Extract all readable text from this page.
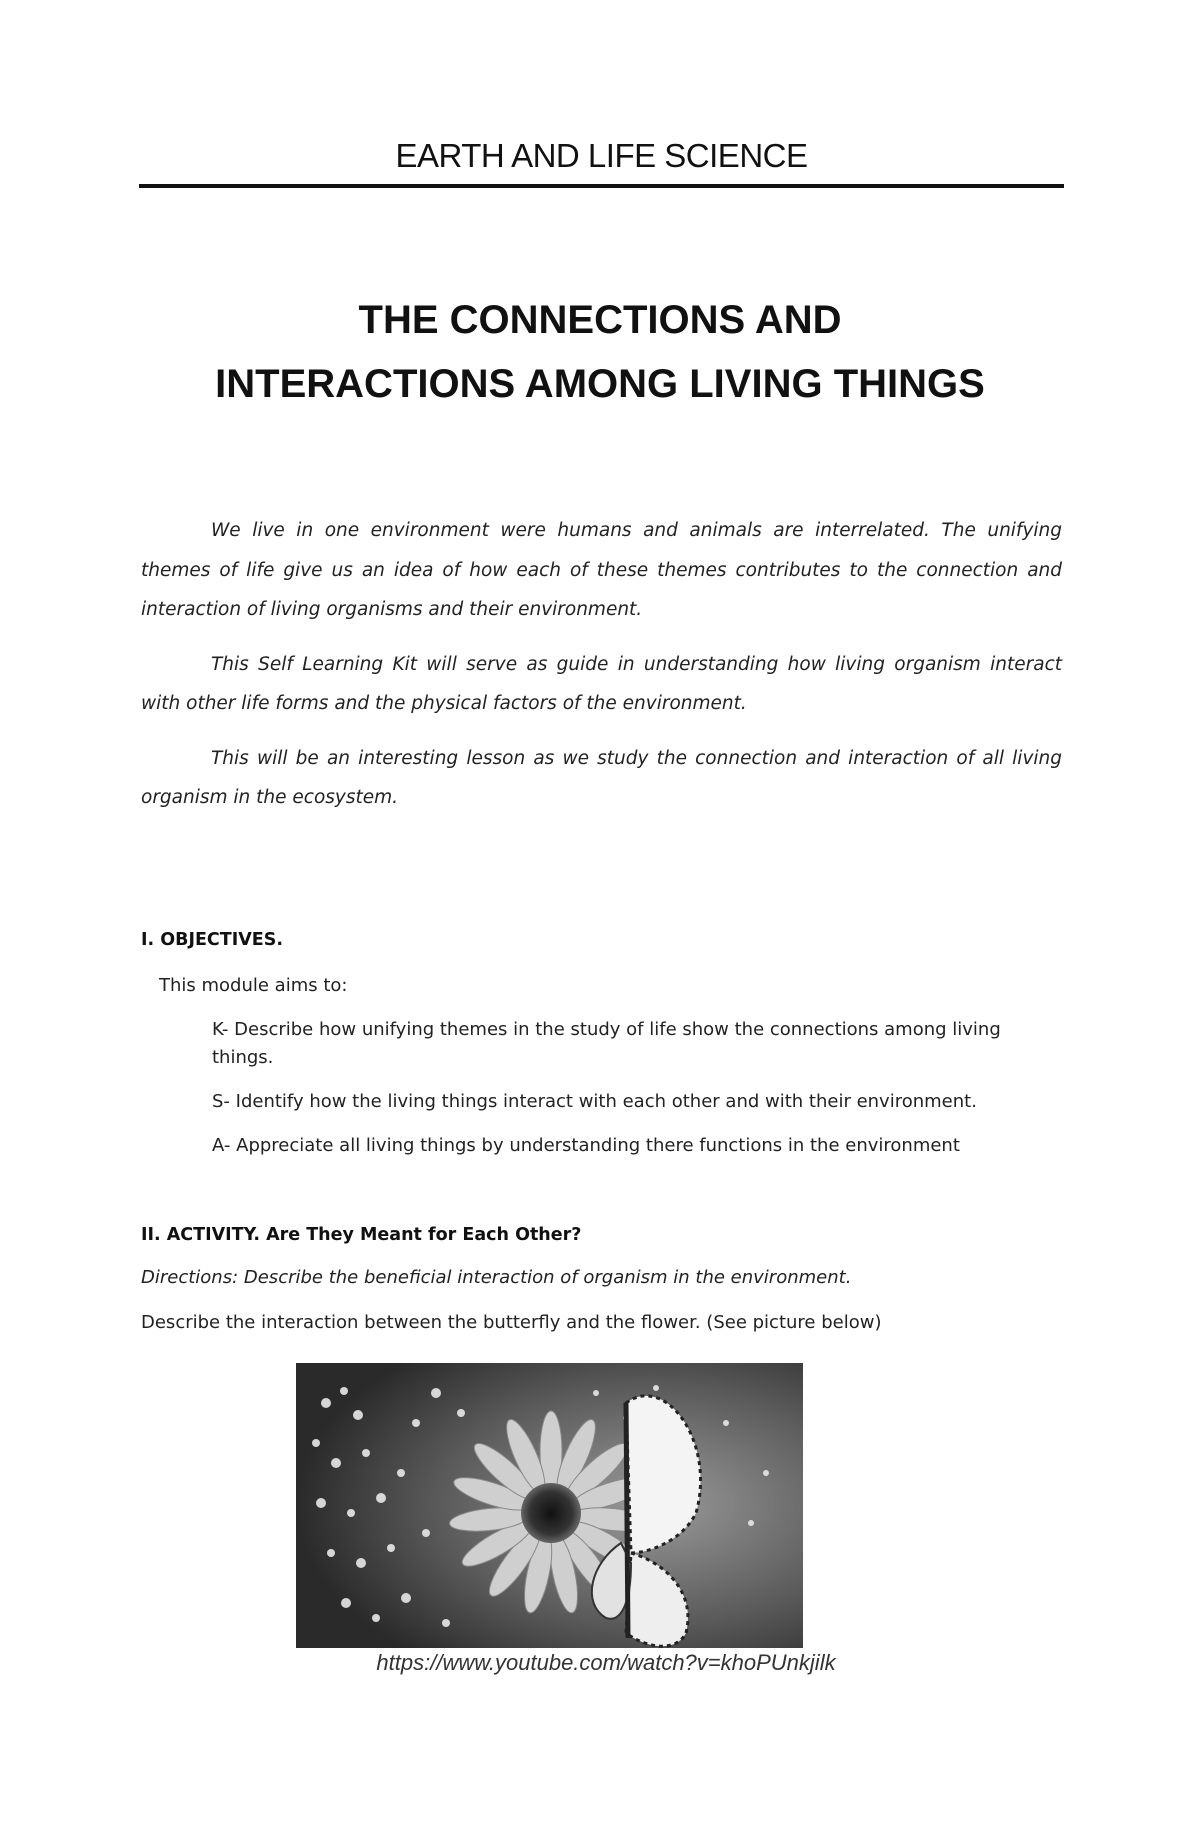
EARTH AND LIFE SCIENCE
THE CONNECTIONS AND
INTERACTIONS AMONG LIVING THINGS

We live in one environment were humans and animals are interrelated. The unifying themes of life give us an idea of how each of these themes contributes to the connection and interaction of living organisms and their environment.

This Self Learning Kit will serve as guide in understanding how living organism interact with other life forms and the physical factors of the environment.

This will be an interesting lesson as we study the connection and interaction of all living organism in the ecosystem.

I. OBJECTIVES.
This module aims to:
K- Describe how unifying themes in the study of life show the connections among living things.
S- Identify how the living things interact with each other and with their environment.
A- Appreciate all living things by understanding there functions in the environment
II. ACTIVITY. Are They Meant for Each Other?
Directions: Describe the beneficial interaction of organism in the environment.
Describe the interaction between the butterfly and the flower. (See picture below)
https://www.youtube.com/watch?v=khoPUnkjilk
